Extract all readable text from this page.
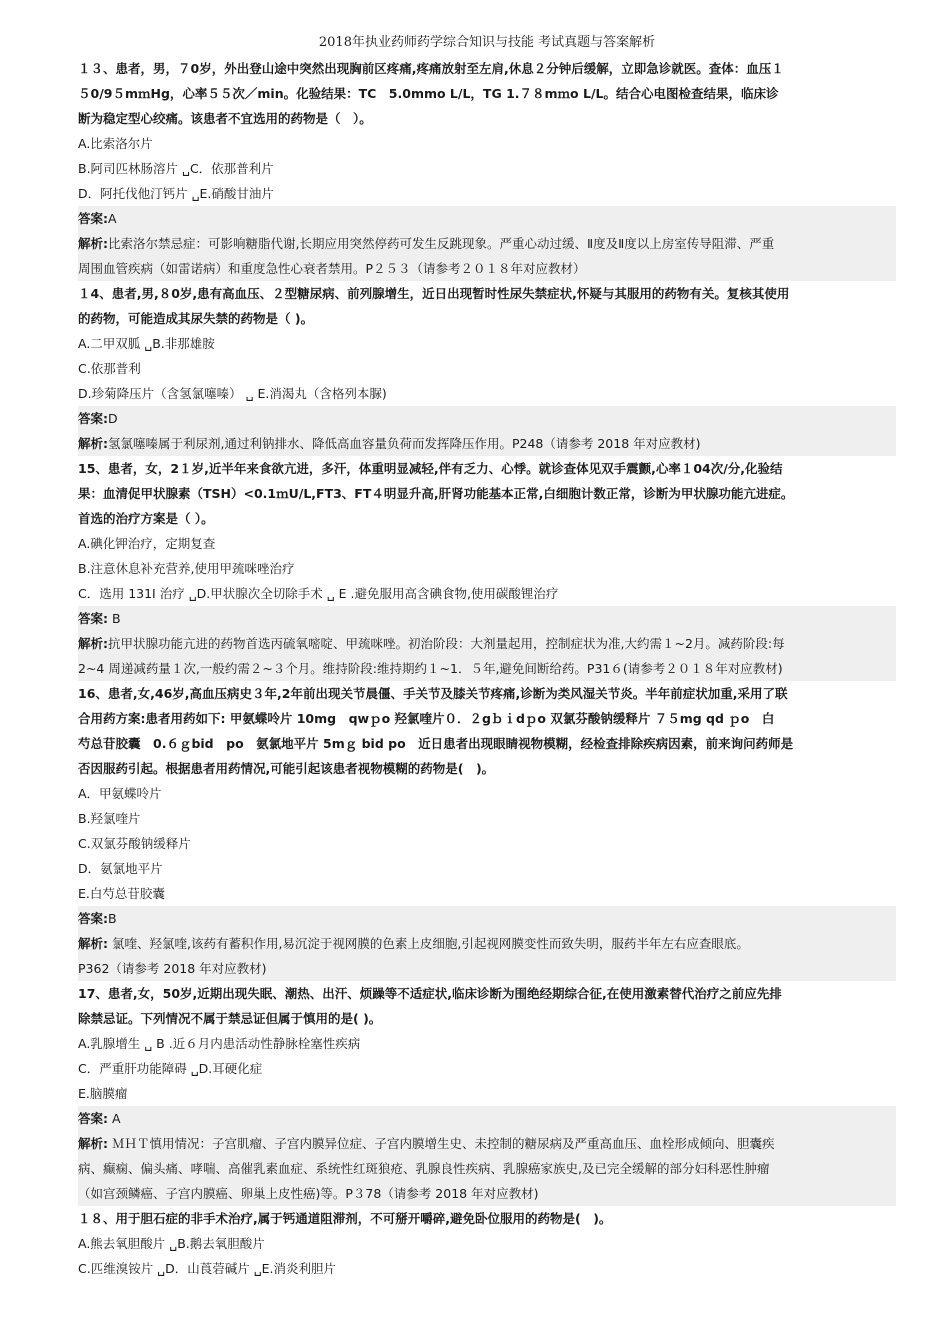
2018年执业药师药学综合知识与技能 考试真题与答案解析
１３、患者，男，７0岁，外出登山途中突然出现胸前区疼痛,疼痛放射至左肩,休息２分钟后缓解，立即急诊就医。查体：血压１
５0/9５mｍHg，心率５５次／min。化验结果：TC　5.0mmo L/L，TG 1.７８mｍo L/L。结合心电图检查结果，临床诊
断为稳定型心绞痛。该患者不宜选用的药物是（　）。
A.比索洛尔片
B.阿司匹林肠溶片 ␣C．依那普利片
D．阿托伐他汀钙片 ␣E.硝酸甘油片
答案:A
解析:比索洛尔禁忌症：可影响糖脂代谢,长期应用突然停药可发生反跳现象。严重心动过缓、Ⅱ度及Ⅱ度以上房室传导阻滞、严重
周围血管疾病（如雷诺病）和重度急性心衰者禁用。P２５３（请参考２０１８年对应教材）
１4、患者,男,８0岁,患有高血压、２型糖尿病、前列腺增生，近日出现暂时性尿失禁症状,怀疑与其服用的药物有关。复核其使用
的药物，可能造成其尿失禁的药物是（ )。
A.二甲双胍 ␣B.非那雄胺
C.依那普利
D.珍菊降压片（含氢氯噻嗪） ␣ E.消渴丸（含格列本脲)
答案:D
解析:氢氯噻嗪属于利尿剂,通过利钠排水、降低高血容量负荷而发挥降压作用。P248（请参考 2018 年对应教材)
15、患者，女，2１岁,近半年来食欲亢进，多汗，体重明显减轻,伴有乏力、心悸。就诊查体见双手震颤,心率１04次/分,化验结
果：血清促甲状腺素（TSH）<0.1ｍU/L,FT3、FT４明显升高,肝肾功能基本正常,白细胞计数正常，诊断为甲状腺功能亢进症。
首选的治疗方案是（ ）。
A.碘化钾治疗，定期复查
B.注意休息补充营养,使用甲巯咪唑治疗
C．选用 131I 治疗 ␣D.甲状腺次全切除手术 ␣ E .避免服用高含碘食物,使用碳酸锂治疗
答案: B
解析:抗甲状腺功能亢进的药物首选丙硫氧嘧啶、甲巯咪唑。初治阶段：大剂量起用，控制症状为准,大约需１~2月。减药阶段:每
2~4 周递减药量１次,一般约需２~３个月。维持阶段:维持期约１~1．５年,避免间断给药。P31６(请参考２０１８年对应教材)
16、患者,女,46岁,高血压病史３年,2年前出现关节晨僵、手关节及膝关节疼痛,诊断为类风湿关节炎。半年前症状加重,采用了联
合用药方案:患者用药如下: 甲氨蝶呤片 10mg　qwｐo 羟氯喹片０．２gｂｉdｐo 双氯芬酸钠缓释片 ７５mg qd ｐo　白
芍总苷胶囊　0.６ｇbid　po　氨氯地平片 5mｇ bid po　近日患者出现眼睛视物模糊，经检查排除疾病因素，前来询问药师是
否因服药引起。根据患者用药情况,可能引起该患者视物模糊的药物是(　)。
A．甲氨蝶呤片
B.羟氯喹片
C.双氯芬酸钠缓释片
D．氨氯地平片
E.白芍总苷胶囊
答案:B
解析: 氯喹、羟氯喹,该药有蓄积作用,易沉淀于视网膜的色素上皮细胞,引起视网膜变性而致失明，服药半年左右应查眼底。
P362（请参考 2018 年对应教材)
17、患者,女，50岁,近期出现失眠、潮热、出汗、烦躁等不适症状,临床诊断为围绝经期综合征,在使用激素替代治疗之前应先排
除禁忌证。下列情况不属于禁忌证但属于慎用的是( )。
A.乳腺增生 ␣ B .近６月内患活动性静脉栓塞性疾病
C．严重肝功能障碍 ␣D.耳硬化症
E.脑膜瘤
答案: A
解析: ＭＨＴ慎用情况：子宫肌瘤、子宫内膜异位症、子宫内膜增生史、未控制的糖尿病及严重高血压、血栓形成倾向、胆囊疾
病、癫痫、偏头痛、哮喘、高催乳素血症、系统性红斑狼疮、乳腺良性疾病、乳腺癌家族史,及已完全缓解的部分妇科恶性肿瘤
（如宫颈鳞癌、子宫内膜癌、卵巢上皮性癌)等。P３78（请参考 2018 年对应教材)
１８、用于胆石症的非手术治疗,属于钙通道阻滞剂，不可掰开嚼碎,避免卧位服用的药物是(　)。
A.熊去氧胆酸片 ␣B.鹅去氧胆酸片
C.匹维溴铵片 ␣D．山莨菪碱片 ␣E.消炎利胆片
